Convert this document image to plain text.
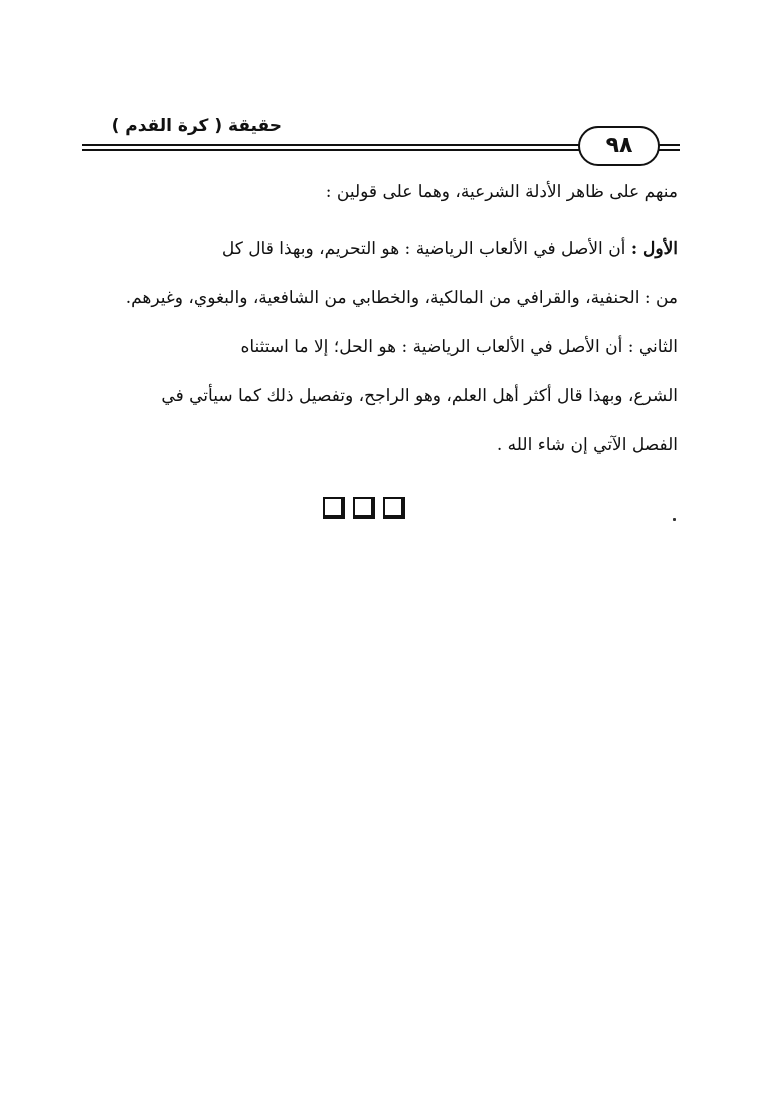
حقيقة ( كرة القدم )
٩٨
منهم على ظاهر الأدلة الشرعية، وهما على قولين :
الأول : أن الأصل في الألعاب الرياضية : هو التحريم، وبهذا قال كل
من : الحنفية، والقرافي من المالكية، والخطابي من الشافعية، والبغوي، وغيرهم.
الثاني : أن الأصل في الألعاب الرياضية : هو الحل؛ إلا ما استثناه
الشرع، وبهذا قال أكثر أهل العلم، وهو الراجح، وتفصيل ذلك كما سيأتي في
الفصل الآتي إن شاء الله .
